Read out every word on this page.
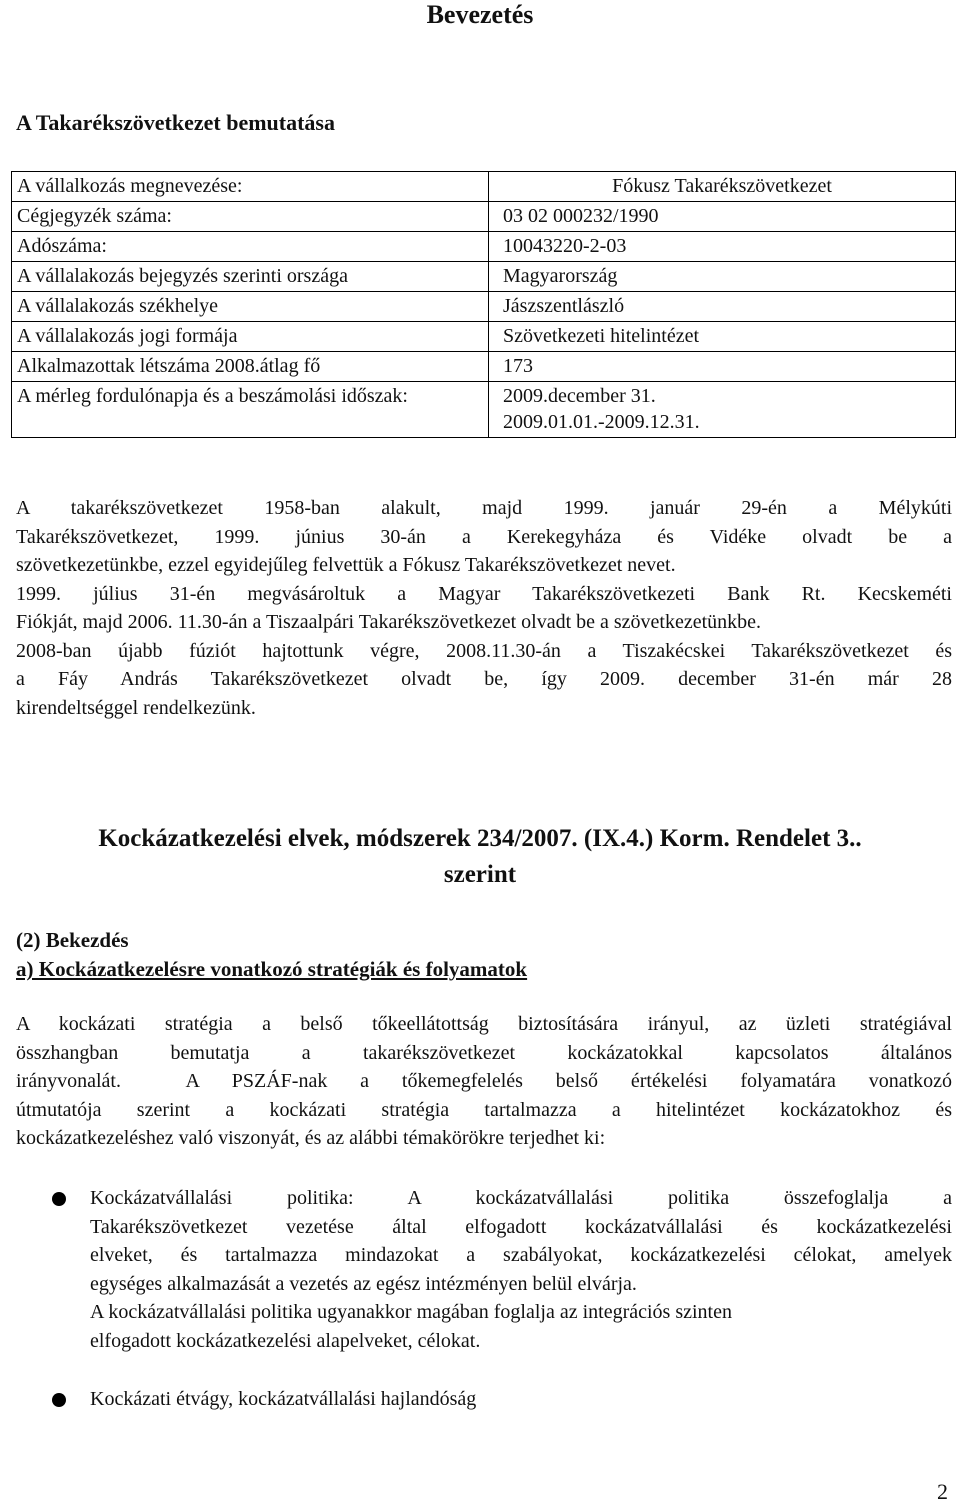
Bevezetés
A Takarékszövetkezet bemutatása
A vállalkozás megnevezése:	Fókusz Takarékszövetkezet
Cégjegyzék száma:	03 02 000232/1990
Adószáma:	10043220-2-03
A vállalakozás bejegyzés szerinti országa	Magyarország
A vállalakozás székhelye	Jászszentlászló
A vállalakozás jogi formája	Szövetkezeti hitelintézet
Alkalmazottak létszáma 2008.átlag fő	173
A mérleg fordulónapja és a beszámolási időszak:	2009.december 31.
2009.01.01.-2009.12.31.
A takarékszövetkezet 1958-ban alakult, majd 1999. január 29-én a Mélykúti
Takarékszövetkezet, 1999. június 30-án a Kerekegyháza és Vidéke olvadt be a
szövetkezetünkbe, ezzel egyidejűleg felvettük a Fókusz Takarékszövetkezet nevet.
1999. július 31-én megvásároltuk a Magyar Takarékszövetkezeti Bank Rt. Kecskeméti
Fiókját, majd 2006. 11.30-án a Tiszaalpári Takarékszövetkezet olvadt be a szövetkezetünkbe.
2008-ban újabb fúziót hajtottunk végre, 2008.11.30-án a Tiszakécskei Takarékszövetkezet és
a Fáy András Takarékszövetkezet olvadt be, így 2009. december 31-én már 28
kirendeltséggel rendelkezünk.
Kockázatkezelési elvek, módszerek 234/2007. (IX.4.) Korm. Rendelet 3..
szerint
(2) Bekezdés
a) Kockázatkezelésre vonatkozó stratégiák és folyamatok
A kockázati stratégia a belső tőkeellátottság biztosítására irányul, az üzleti stratégiával
összhangban bemutatja a takarékszövetkezet kockázatokkal kapcsolatos általános
irányvonalát.  A PSZÁF-nak a tőkemegfelelés belső értékelési folyamatára vonatkozó
útmutatója szerint a kockázati stratégia tartalmazza a hitelintézet kockázatokhoz és
kockázatkezeléshez való viszonyát, és az alábbi témakörökre terjedhet ki:
Kockázatvállalási politika: A kockázatvállalási politika összefoglalja a
Takarékszövetkezet vezetése által elfogadott kockázatvállalási és kockázatkezelési
elveket, és tartalmazza mindazokat a szabályokat, kockázatkezelési célokat, amelyek
egységes alkalmazását a vezetés az egész intézményen belül elvárja.
A kockázatvállalási politika ugyanakkor magában foglalja az integrációs szinten
elfogadott kockázatkezelési alapelveket, célokat.
Kockázati étvágy, kockázatvállalási hajlandóság
2
